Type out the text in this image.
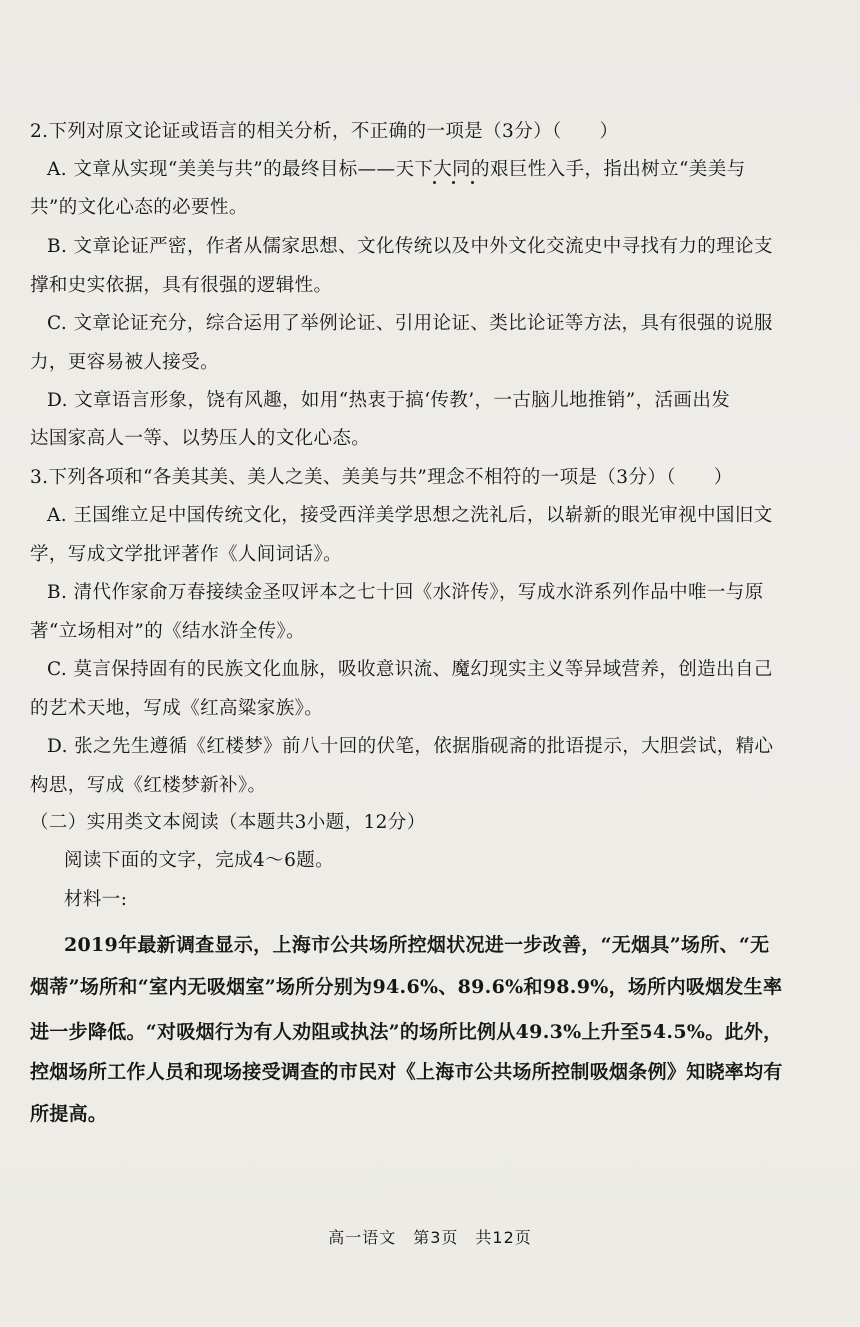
2.下列对原文论证或语言的相关分析，不正确的一项是（3分）（　　）
A. 文章从实现“美美与共”的最终目标——天下大同的艰巨性入手，指出树立“美美与
共”的文化心态的必要性。
B. 文章论证严密，作者从儒家思想、文化传统以及中外文化交流史中寻找有力的理论支
撑和史实依据，具有很强的逻辑性。
C. 文章论证充分，综合运用了举例论证、引用论证、类比论证等方法，具有很强的说服
力，更容易被人接受。
D. 文章语言形象，饶有风趣，如用“热衷于搞‘传教’，一古脑儿地推销”，活画出发
达国家高人一等、以势压人的文化心态。
3.下列各项和“各美其美、美人之美、美美与共”理念不相符的一项是（3分）（　　）
A. 王国维立足中国传统文化，接受西洋美学思想之洗礼后，以崭新的眼光审视中国旧文
学，写成文学批评著作《人间词话》。
B. 清代作家俞万春接续金圣叹评本之七十回《水浒传》，写成水浒系列作品中唯一与原
著“立场相对”的《结水浒全传》。
C. 莫言保持固有的民族文化血脉，吸收意识流、魔幻现实主义等异域营养，创造出自己
的艺术天地，写成《红高粱家族》。
D. 张之先生遵循《红楼梦》前八十回的伏笔，依据脂砚斋的批语提示，大胆尝试，精心
构思，写成《红楼梦新补》。
（二）实用类文本阅读（本题共3小题，12分）
阅读下面的文字，完成4～6题。
材料一:
2019年最新调查显示，上海市公共场所控烟状况进一步改善，“无烟具”场所、“无
烟蒂”场所和“室内无吸烟室”场所分别为94.6%、89.6%和98.9%，场所内吸烟发生率
进一步降低。“对吸烟行为有人劝阻或执法”的场所比例从49.3%上升至54.5%。此外，
控烟场所工作人员和现场接受调查的市民对《上海市公共场所控制吸烟条例》知晓率均有
所提高。
高一语文　第3页　共12页
